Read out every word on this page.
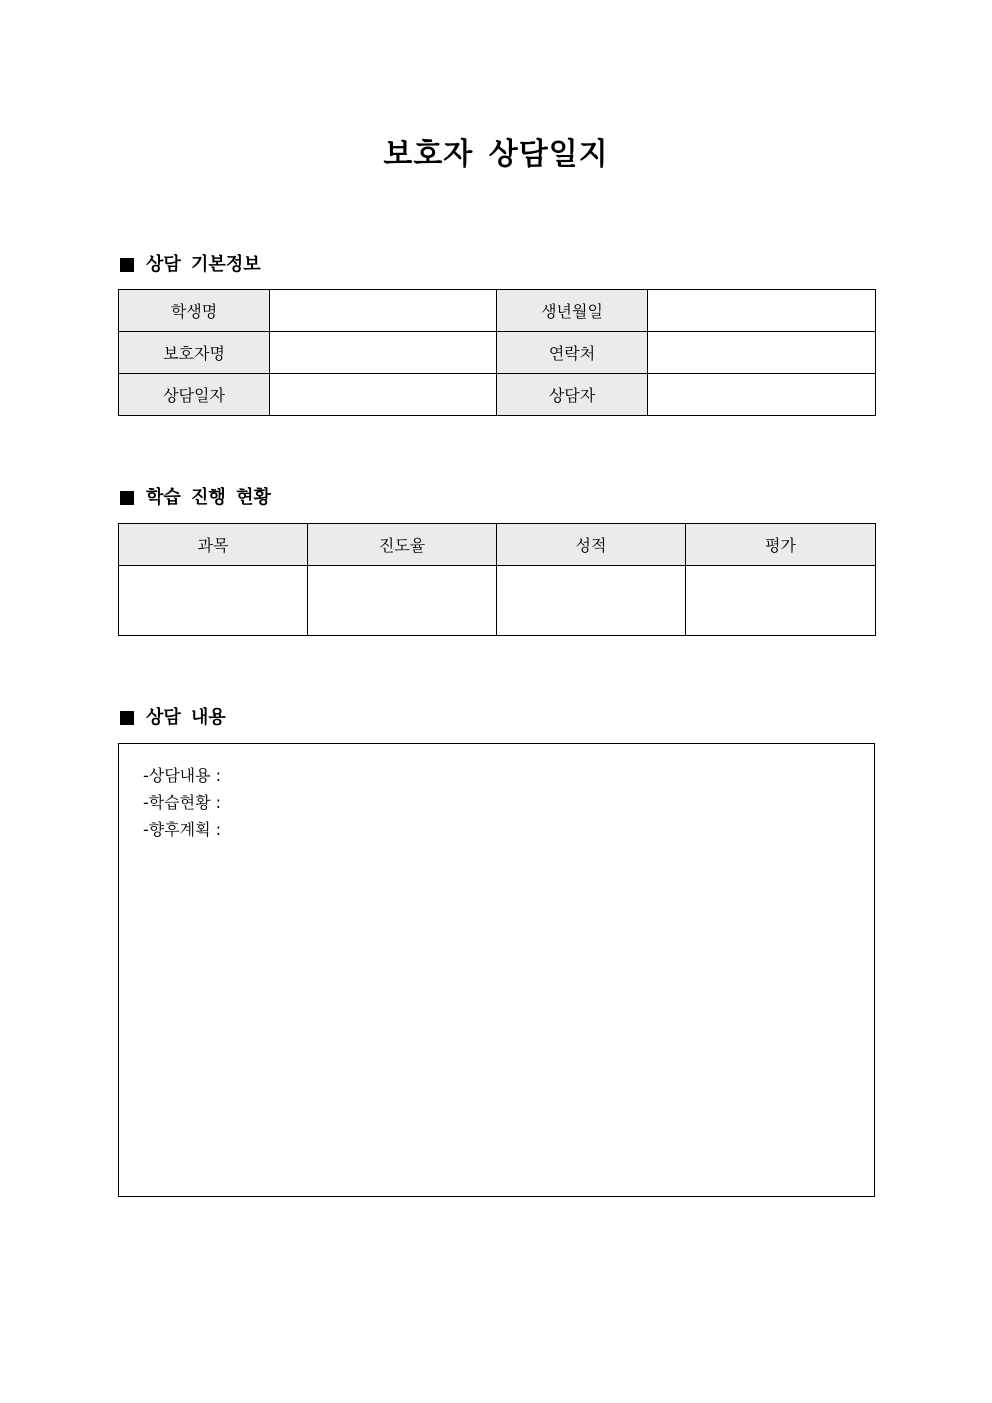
보호자 상담일지
상담 기본정보
학생명		생년월일	
보호자명		연락처	
상담일자		상담자	
학습 진행 현황
과목	진도율	성적	평가

상담 내용
-상담내용 :
-학습현황 :
-향후계획 :
